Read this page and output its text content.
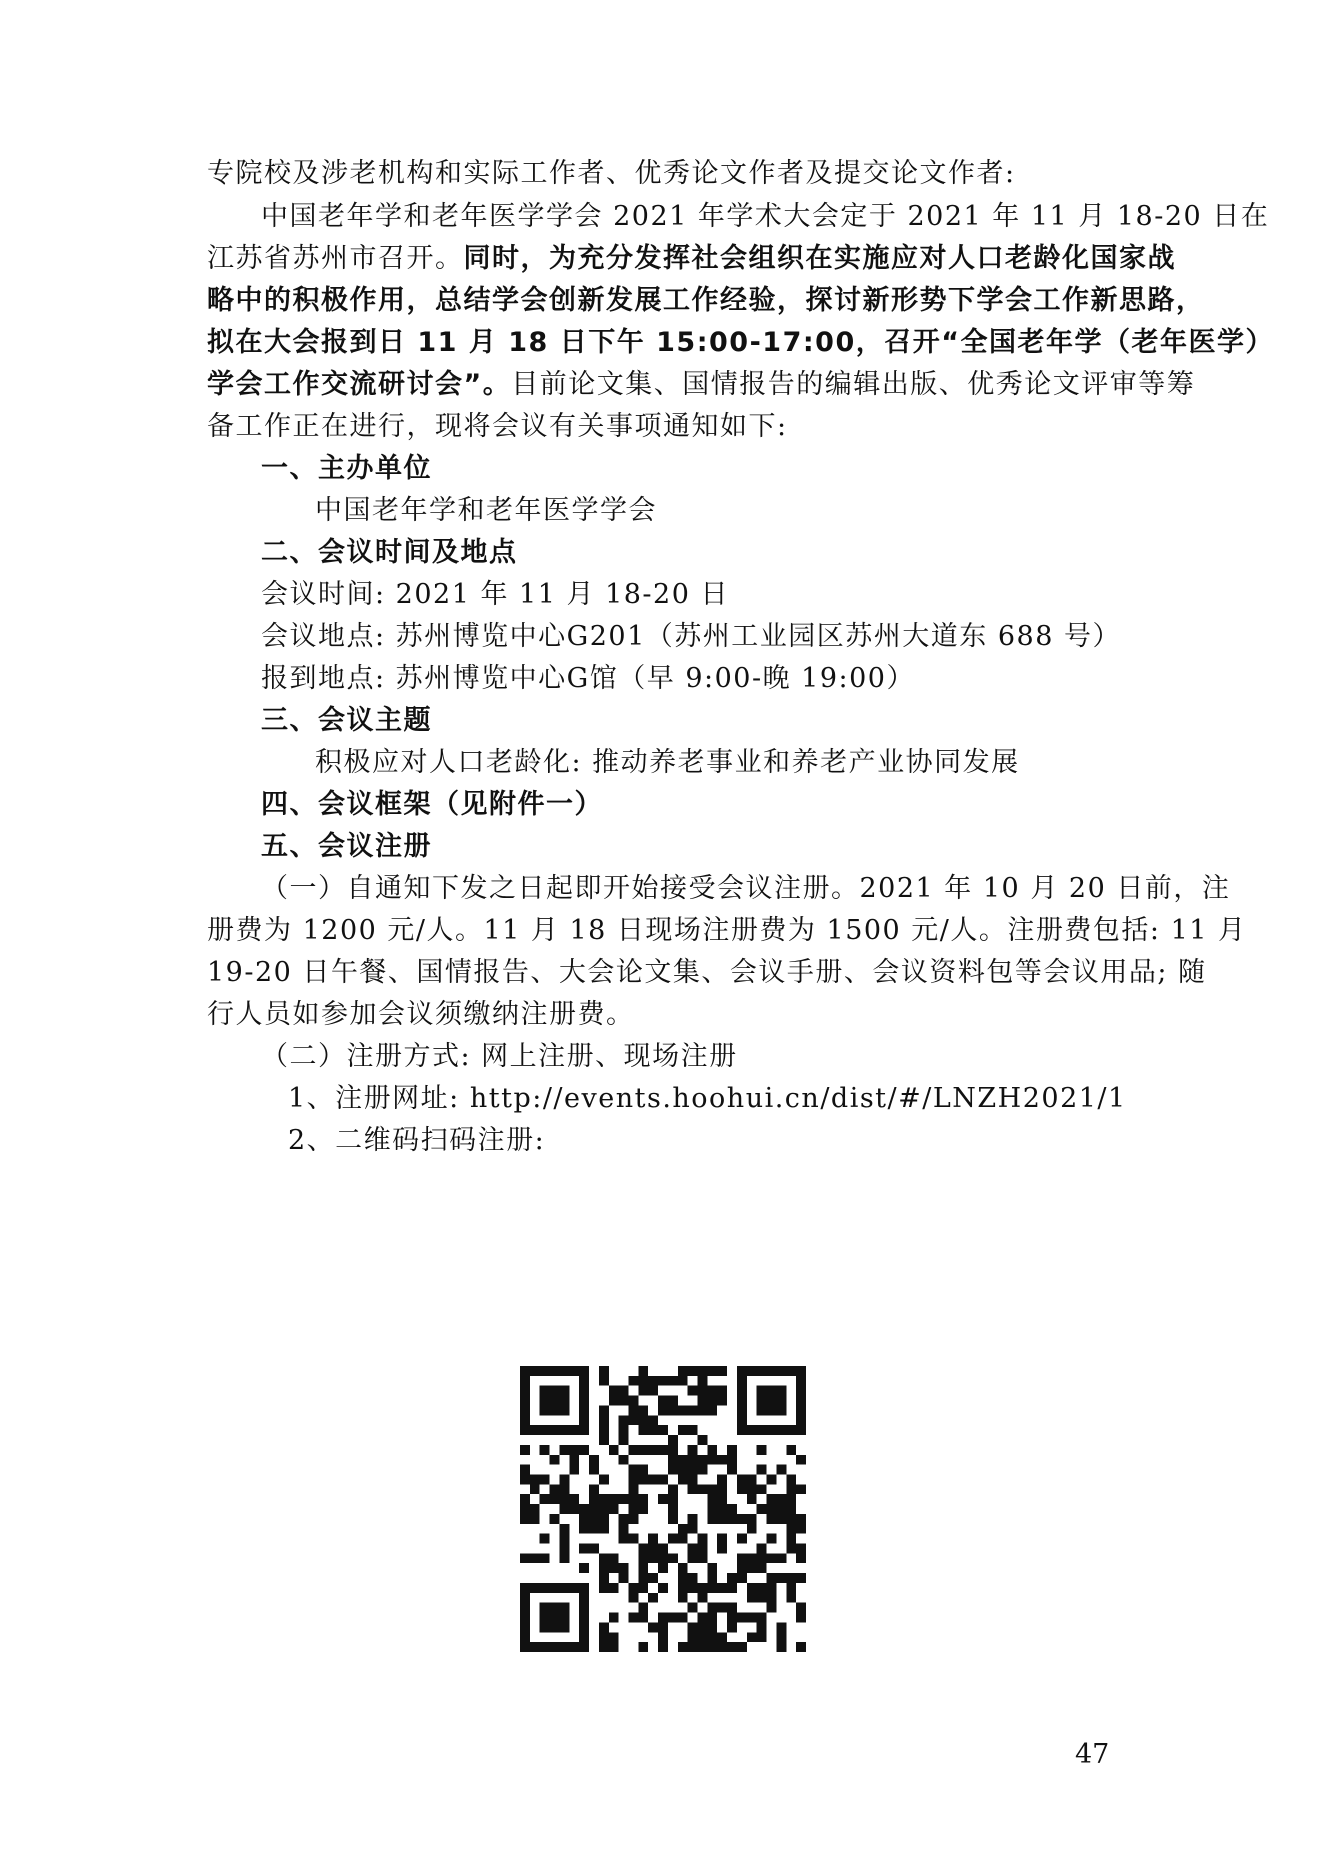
专院校及涉老机构和实际工作者、优秀论文作者及提交论文作者:
中国老年学和老年医学学会 2021 年学术大会定于 2021 年 11 月 18-20 日在
江苏省苏州市召开。同时，为充分发挥社会组织在实施应对人口老龄化国家战
略中的积极作用，总结学会创新发展工作经验，探讨新形势下学会工作新思路，
拟在大会报到日 11 月 18 日下午 15:00-17:00，召开“全国老年学（老年医学）
学会工作交流研讨会”。目前论文集、国情报告的编辑出版、优秀论文评审等筹
备工作正在进行，现将会议有关事项通知如下:
一、主办单位
中国老年学和老年医学学会
二、会议时间及地点
会议时间: 2021 年 11 月 18-20 日
会议地点: 苏州博览中心G201（苏州工业园区苏州大道东 688 号）
报到地点: 苏州博览中心G馆（早 9:00-晚 19:00）
三、会议主题
积极应对人口老龄化: 推动养老事业和养老产业协同发展
四、会议框架（见附件一）
五、会议注册
（一）自通知下发之日起即开始接受会议注册。2021 年 10 月 20 日前，注
册费为 1200 元/人。11 月 18 日现场注册费为 1500 元/人。注册费包括: 11 月
19-20 日午餐、国情报告、大会论文集、会议手册、会议资料包等会议用品; 随
行人员如参加会议须缴纳注册费。
（二）注册方式: 网上注册、现场注册
1、注册网址: http://events.hoohui.cn/dist/#/LNZH2021/1
2、二维码扫码注册:
47
